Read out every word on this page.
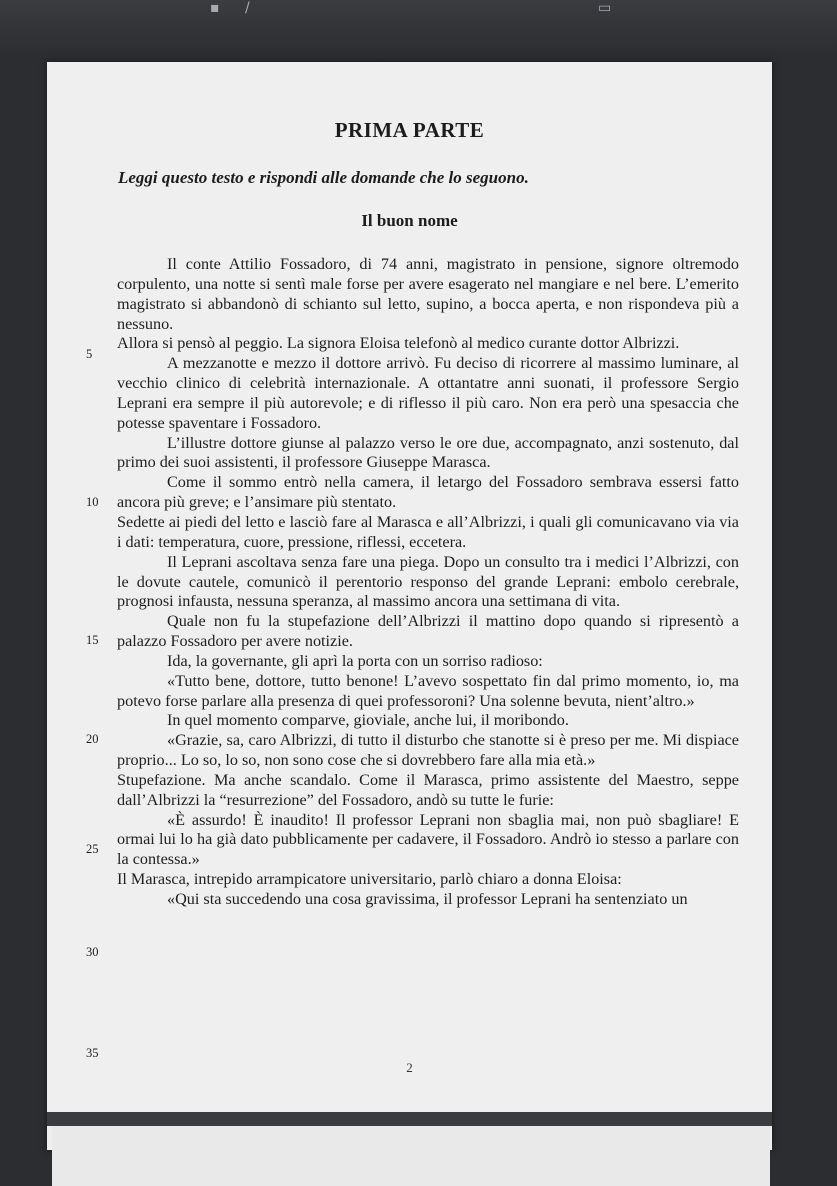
▪ /	▭
PRIMA PARTE

Leggi questo testo e rispondi alle domande che lo seguono.

Il buon nome

5
10
15
20
25
30
35

Il conte Attilio Fossadoro, di 74 anni, magistrato in pensione, signore oltremodo corpulento, una notte si sentì male forse per avere esagerato nel mangiare e nel bere. L’emerito magistrato si abbandonò di schianto sul letto, supino, a bocca aperta, e non rispondeva più a nessuno.

Allora si pensò al peggio. La signora Eloisa telefonò al medico curante dottor Albrizzi.

A mezzanotte e mezzo il dottore arrivò. Fu deciso di ricorrere al massimo luminare, al vecchio clinico di celebrità internazionale. A ottantatre anni suonati, il professore Sergio Leprani era sempre il più autorevole; e di riflesso il più caro. Non era però una spesaccia che potesse spaventare i Fossadoro.

L’illustre dottore giunse al palazzo verso le ore due, accompagnato, anzi sostenuto, dal primo dei suoi assistenti, il professore Giuseppe Marasca.

Come il sommo entrò nella camera, il letargo del Fossadoro sembrava essersi fatto ancora più greve; e l’ansimare più stentato.

Sedette ai piedi del letto e lasciò fare al Marasca e all’Albrizzi, i quali gli comunicavano via via i dati: temperatura, cuore, pressione, riflessi, eccetera.

Il Leprani ascoltava senza fare una piega. Dopo un consulto tra i medici l’Albrizzi, con le dovute cautele, comunicò il perentorio responso del grande Leprani: embolo cerebrale, prognosi infausta, nessuna speranza, al massimo ancora una settimana di vita.

Quale non fu la stupefazione dell’Albrizzi il mattino dopo quando si ripresentò a palazzo Fossadoro per avere notizie.

Ida, la governante, gli aprì la porta con un sorriso radioso:

«Tutto bene, dottore, tutto benone! L’avevo sospettato fin dal primo momento, io, ma potevo forse parlare alla presenza di quei professoroni? Una solenne bevuta, nient’altro.»

In quel momento comparve, gioviale, anche lui, il moribondo.

«Grazie, sa, caro Albrizzi, di tutto il disturbo che stanotte si è preso per me. Mi dispiace proprio... Lo so, lo so, non sono cose che si dovrebbero fare alla mia età.»

Stupefazione. Ma anche scandalo. Come il Marasca, primo assistente del Maestro, seppe dall’Albrizzi la “resurrezione” del Fossadoro, andò su tutte le furie:

«È assurdo! È inaudito! Il professor Leprani non sbaglia mai, non può sbagliare! E ormai lui lo ha già dato pubblicamente per cadavere, il Fossadoro. Andrò io stesso a parlare con la contessa.»

Il Marasca, intrepido arrampicatore universitario, parlò chiaro a donna Eloisa:

«Qui sta succedendo una cosa gravissima, il professor Leprani ha sentenziato un

2
